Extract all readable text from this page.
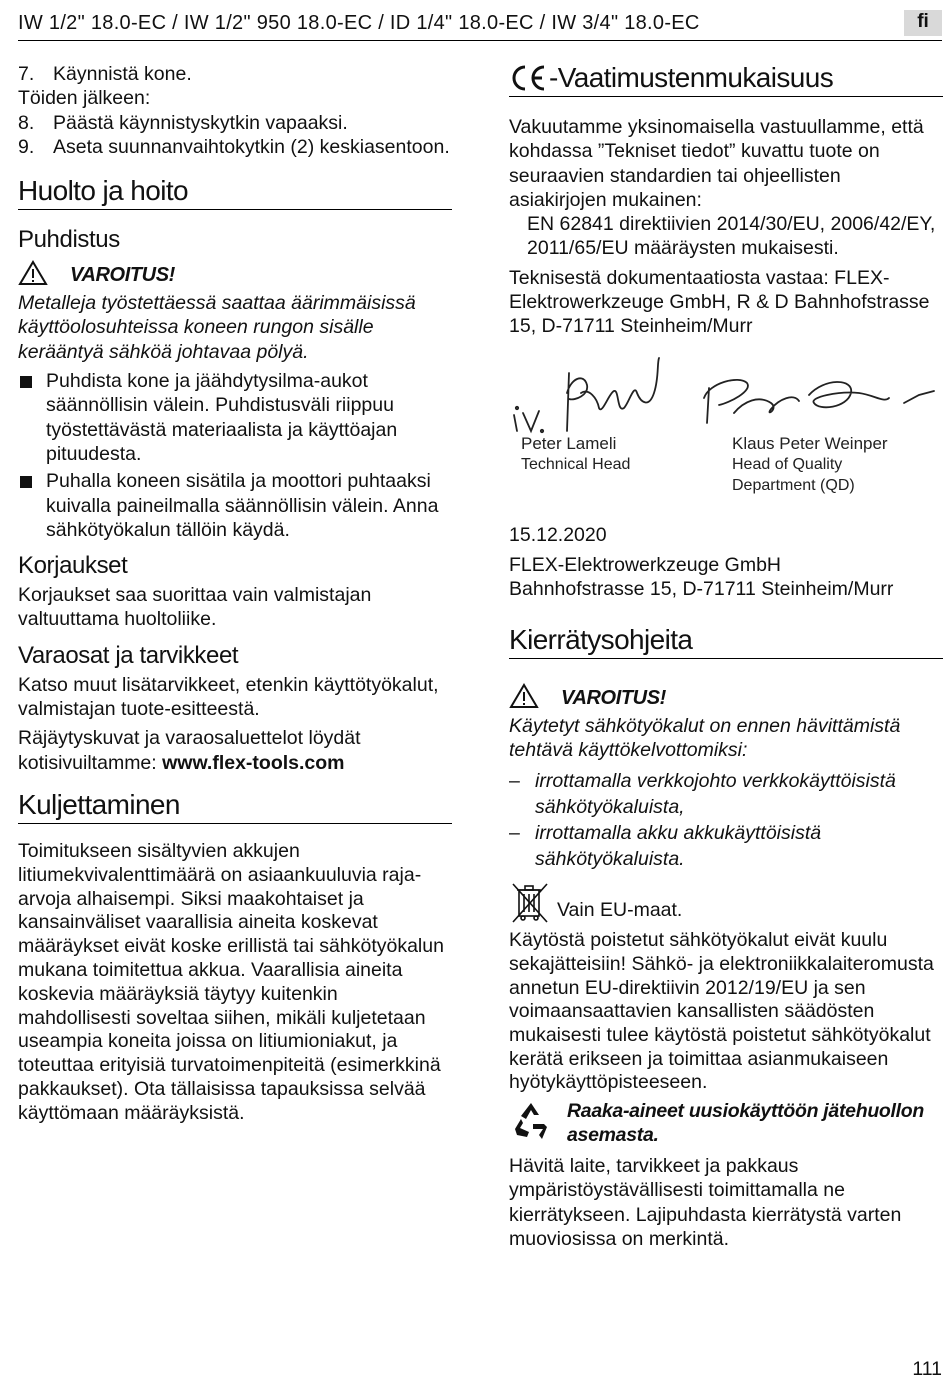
IW 1/2" 18.0-EC / IW 1/2" 950 18.0-EC / ID 1/4" 18.0-EC / IW 3/4" 18.0-EC	fi
7. Käynnistä kone.
Töiden jälkeen:
8. Päästä käynnistyskytkin vapaaksi.
9. Aseta suunnanvaihtokytkin (2) keskiasentoon.
Huolto ja hoito
Puhdistus
VAROITUS!

Metalleja työstettäessä saattaa äärimmäisissä käyttöolosuhteissa koneen rungon sisälle kerääntyä sähköä johtavaa pölyä.

Puhdista kone ja jäähdytysilma-aukot säännöllisin välein. Puhdistusväli riippuu työstettävästä materiaalista ja käyttöajan pituudesta.
Puhalla koneen sisätila ja moottori puhtaaksi kuivalla paineilmalla säännöllisin välein. Anna sähkötyökalun tällöin käydä.
Korjaukset

Korjaukset saa suorittaa vain valmistajan valtuuttama huoltoliike.

Varaosat ja tarvikkeet

Katso muut lisätarvikkeet, etenkin käyttötyökalut, valmistajan tuote-esitteestä.

Räjäytyskuvat ja varaosaluettelot löydät kotisivuiltamme: www.flex-tools.com

Kuljettaminen

Toimitukseen sisältyvien akkujen litiumekvivalenttimäärä on asiaankuuluvia raja-arvoja alhaisempi. Siksi maakohtaiset ja kansainväliset vaarallisia aineita koskevat määräykset eivät koske erillistä tai sähkötyökalun mukana toimitettua akkua. Vaarallisia aineita koskevia määräyksiä täytyy kuitenkin mahdollisesti soveltaa siihen, mikäli kuljetetaan useampia koneita joissa on litiumioniakut, ja toteuttaa erityisiä turvatoimenpiteitä (esimerkkinä pakkaukset). Ota tällaisissa tapauksissa selvää käyttömaan määräyksistä.

-Vaatimustenmukaisuus

Vakuutamme yksinomaisella vastuullamme, että kohdassa ”Tekniset tiedot” kuvattu tuote on seuraavien standardien tai ohjeellisten asiakirjojen mukainen:

EN 62841 direktiivien 2014/30/EU, 2006/42/EY, 2011/65/EU määräysten mukaisesti.

Teknisestä dokumentaatiosta vastaa: FLEX-Elektrowerkzeuge GmbH, R & D Bahnhofstrasse 15, D-71711 Steinheim/Murr

Peter Lameli
Technical Head
Klaus Peter Weinper
Head of Quality Department (QD)

15.12.2020

FLEX-Elektrowerkzeuge GmbH

Bahnhofstrasse 15, D-71711 Steinheim/Murr

Kierrätysohjeita
VAROITUS!

Käytetyt sähkötyökalut on ennen hävittämistä tehtävä käyttökelvottomiksi:

– irrottamalla verkkojohto verkkokäyttöisistä sähkötyökaluista,
– irrottamalla akku akkukäyttöisistä sähkötyökaluista.
Vain EU-maat.

Käytöstä poistetut sähkötyökalut eivät kuulu sekajätteisiin! Sähkö- ja elektroniikkalaiteromusta annetun EU-direktiivin 2012/19/EU ja sen voimaansaattavien kansallisten säädösten mukaisesti tulee käytöstä poistetut sähkötyökalut kerätä erikseen ja toimittaa asianmukaiseen hyötykäyttöpisteeseen.

Raaka-aineet uusiokäyttöön jätehuollon asemasta.

Hävitä laite, tarvikkeet ja pakkaus ympäristöystävällisesti toimittamalla ne kierrätykseen. Lajipuhdasta kierrätystä varten muoviosissa on merkintä.

111
